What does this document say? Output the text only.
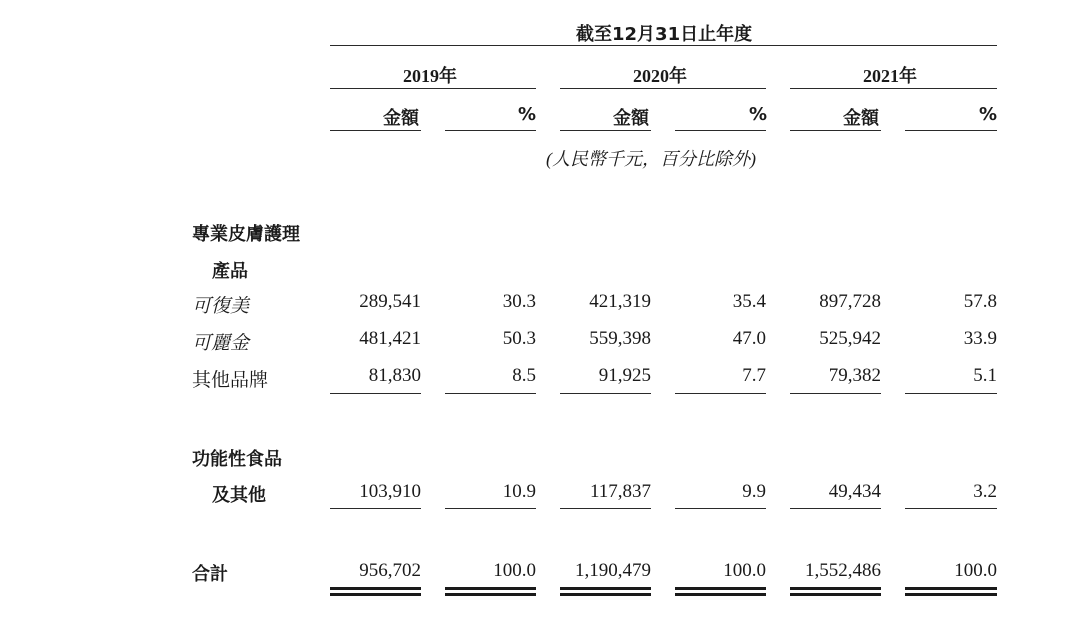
截至12月31日止年度
2019年	2020年	2021年
金額	%	金額	%	金額	%
(人民幣千元，百分比除外)
專業皮膚護理
產品
可復美	289,541	30.3	421,319	35.4	897,728	57.8
可麗金	481,421	50.3	559,398	47.0	525,942	33.9
其他品牌	81,830	8.5	91,925	7.7	79,382	5.1
功能性食品
及其他	103,910	10.9	117,837	9.9	49,434	3.2
合計	956,702	100.0 1,190,479	100.0 1,552,486	100.0
